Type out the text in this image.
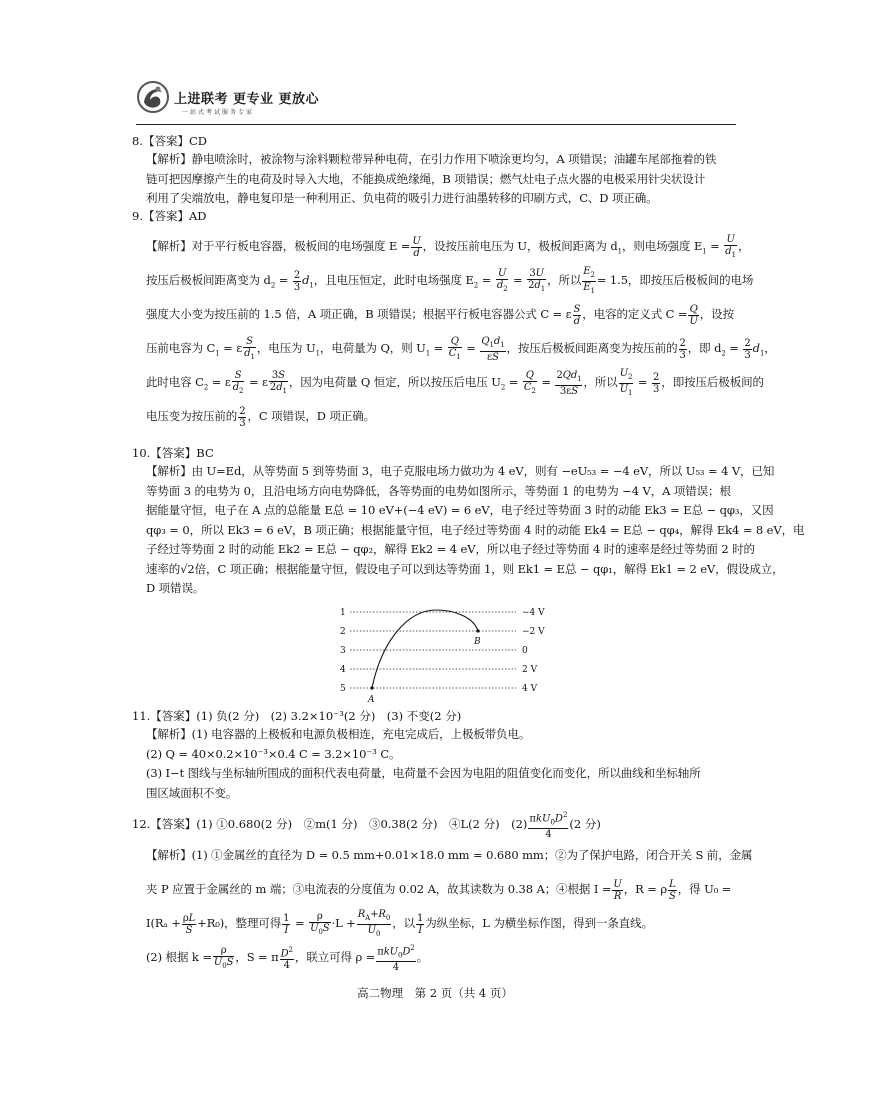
上进联考 更专业 更放心
一站式考试服务专家
8.【答案】CD
【解析】静电喷涂时，被涂物与涂料颗粒带异种电荷，在引力作用下喷涂更均匀，A 项错误；油罐车尾部拖着的铁
链可把因摩擦产生的电荷及时导入大地，不能换成绝缘绳，B 项错误；燃气灶电子点火器的电极采用针尖状设计
利用了尖端放电，静电复印是一种利用正、负电荷的吸引力进行油墨转移的印刷方式，C、D 项正确。
9.【答案】AD
【解析】对于平行板电容器，极板间的电场强度 $E = \frac{U}{d}$ ，设按压前电压为 U，极板间距离为 $d_1$，则电场强度 $E_1 = \frac{U}{d_1}$ ，
按压后极板间距离变为 $d_2 = \frac{2}{3} d_1$，且电压恒定，此时电场强度 $E_2 = \frac{U}{d_2} = \frac{3U}{2d_1}$ ，所以 $\frac{E_2}{E_1} = 1.5$，即按压后极板间的电场
强度大小变为按压前的 1.5 倍，A 项正确，B 项错误；根据平行板电容器公式 C = ε $\frac{S}{d}$ ，电容的定义式 $C = \frac{Q}{U}$ ，设按
压前电容为 $C_1 = \varepsilon \frac{S}{d_1}$ ，电压为 $U_1$，电荷量为 Q，则 $U_1 = \frac{Q}{C_1} = \frac{Q_1d_1}{\varepsilon S}$ ，按压后极板间距离变为按压前的 $\frac{2}{3}$ ，即 $d_2 = \frac{2}{3} d_1$，
此时电容 $C_2 = \varepsilon \frac{S}{d_2} = \varepsilon \frac{3S}{2d_1}$ ，因为电荷量 Q 恒定，所以按压后电压 $U_2 = \frac{Q}{C_2} = \frac{2Qd_1}{3\varepsilon S}$ ，所以 $\frac{U_2}{U_1} = \frac{2}{3}$ ，即按压后极板间的
电压变为按压前的 $\frac{2}{3}$ ，C 项错误，D 项正确。
10.【答案】BC
【解析】由 U=Ed，从等势面 5 到等势面 3，电子克服电场力做功为 4 eV，则有 −eU₅₃ = −4 eV，所以 U₅₃ = 4 V，已知
等势面 3 的电势为 0，且沿电场方向电势降低，各等势面的电势如图所示，等势面 1 的电势为 −4 V，A 项错误；根
据能量守恒，电子在 A 点的总能量 E总 = 10 eV+(−4 eV) = 6 eV，电子经过等势面 3 时的动能 Ek3 = E总 − qφ₃，又因
qφ₃ = 0，所以 Ek3 = 6 eV，B 项正确；根据能量守恒，电子经过等势面 4 时的动能 Ek4 = E总 − qφ₄，解得 Ek4 = 8 eV，电
子经过等势面 2 时的动能 Ek2 = E总 − qφ₂，解得 Ek2 = 4 eV，所以电子经过等势面 4 时的速率是经过等势面 2 时的
速率的√2倍，C 项正确；根据能量守恒，假设电子可以到达等势面 1，则 Ek1 = E总 − qφ₁，解得 Ek1 = 2 eV，假设成立，
D 项错误。
1
2
3
4
5
−4 V
−2 V
0
2 V
4 V
A
B
11.【答案】(1) 负(2 分)　(2) 3.2×10⁻³(2 分)　(3) 不变(2 分)
【解析】(1) 电容器的上极板和电源负极相连，充电完成后，上极板带负电。
(2) Q = 40×0.2×10⁻³×0.4 C = 3.2×10⁻³ C。
(3) I−t 图线与坐标轴所围成的面积代表电荷量，电荷量不会因为电阻的阻值变化而变化，所以曲线和坐标轴所
围区域面积不变。
12.【答案】(1) ①0.680(2 分)　②m(1 分)　③0.38(2 分)　④L(2 分)　$(2) \frac{\pi kU_0D^2}{4} (2$ 分)
【解析】(1) ①金属丝的直径为 D = 0.5 mm+0.01×18.0 mm = 0.680 mm；②为了保护电路，闭合开关 S 前，金属
夹 P 应置于金属丝的 m 端；③电流表的分度值为 0.02 A，故其读数为 0.38 A；④根据 $I = \frac{U}{R}$ ，R = ρ $\frac{L}{S}$ ，得 U₀ =
$I(R_a + \frac{\rho L}{S} +R_0)$，整理可得 $\frac{1}{I} = \frac{\rho}{U_0S} \cdot L + \frac{R_A+R_0}{U_0}$ ，以 $\frac{1}{I}$ 为纵坐标，L 为横坐标作图，得到一条直线。
(2) 根据 $k = \frac{\rho}{U_0S}$ ，S = π $\frac{D^2}{4}$ ，联立可得 $\rho = \frac{\pi kU_0D^2}{4}$ 。
高二物理　第 2 页（共 4 页）
